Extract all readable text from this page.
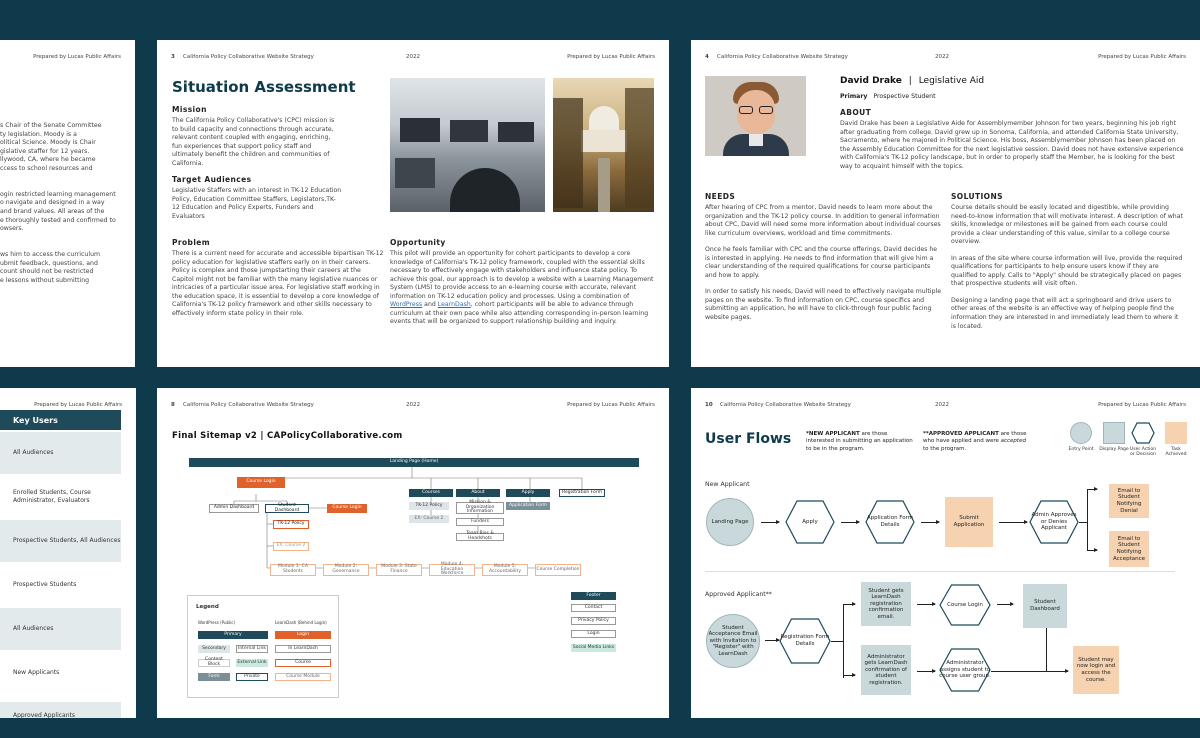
Prepared by Lucas Public Affairs
s Chair of the Senate Committee
ty legislation. Moody is a
olitical Science. Moody is Chair
gislative staffer for 12 years.
llywood, CA, where he became
ccess to school resources and
ogin restricted learning management
o navigate and designed in a way
and brand values. All areas of the
e thoroughly tested and confirmed to
owsers.
ws him to access the curriculum
ubmit feedback, questions, and
count should not be restricted
e lessons without submitting
3 California Policy Collaborative Website Strategy	2022	Prepared by Lucas Public Affairs
Situation Assessment
Mission
The California Policy Collaborative's (CPC) mission is to build capacity and connections through accurate, relevant content coupled with engaging, enriching, fun experiences that support policy staff and ultimately benefit the children and communities of California.
Target Audiences
Legislative Staffers with an interest in TK-12 Education Policy, Education Committee Staffers, Legislators,TK-12 Education and Policy Experts, Funders and Evaluators
Problem
There is a current need for accurate and accessible bipartisan TK-12 policy education for legislative staffers early on in their careers. Policy is complex and those jumpstarting their careers at the Capitol might not be familiar with the many legislative nuances or intricacies of a particular issue area. For legislative staff working in the education space, it is essential to develop a core knowledge of California's TK-12 policy framework and other skills necessary to effectively inform state policy in their role.
Opportunity
This pilot will provide an opportunity for cohort participants to develop a core knowledge of California's TK-12 policy framework, coupled with the essential skills necessary to effectively engage with stakeholders and influence state policy. To achieve this goal, our approach is to develop a website with a Learning Management System (LMS) to provide access to an e-learning course with accurate, relevant information on TK-12 education policy and processes. Using a combination of WordPress and LearnDash, cohort participants will be able to advance through curriculum at their own pace while also attending corresponding in-person learning events that will be organized to support relationship building and inquiry.
4 California Policy Collaborative Website Strategy	2022	Prepared by Lucas Public Affairs
David Drake | Legislative Aid
Primary Prospective Student
ABOUT
David Drake has been a Legislative Aide for Assemblymember Johnson for two years, beginning his job right after graduating from college. David grew up in Sonoma, California, and attended California State University, Sacramento, where he majored in Political Science. His boss, Assemblymember Johnson has been placed on the Assembly Education Committee for the next legislative session. David does not have extensive experience with California's TK-12 policy landscape, but in order to properly staff the Member, he is looking for the best way to acquaint himself with the topics.
NEEDS
After hearing of CPC from a mentor, David needs to learn more about the organization and the TK-12 policy course. In addition to general information about CPC, David will need some more information about individual courses like curriculum overviews, workload and time commitments.
Once he feels familiar with CPC and the course offerings, David decides he is interested in applying. He needs to find information that will give him a clear understanding of the required qualifications for course participants and how to apply.
In order to satisfy his needs, David will need to effectively navigate multiple pages on the website. To find information on CPC, course specifics and submitting an application, he will have to click-through four public facing website pages.
SOLUTIONS
Course details should be easily located and digestible, while providing need-to-know information that will motivate interest. A description of what skills, knowledge or milestones will be gained from each course could provide a clear understanding of this value, similar to a college course overview.
In areas of the site where course information will live, provide the required qualifications for participants to help ensure users know if they are qualified to apply. Calls to "Apply" should be strategically placed on pages that prospective students will visit often.
Designing a landing page that will act a springboard and drive users to other areas of the website is an effective way of helping people find the information they are interested in and immediately lead them to where it is located.
Prepared by Lucas Public Affairs
Key Users
All Audiences
Enrolled Students, Course Administrator, Evaluators
Prospective Students, All Audiences
Prospective Students
All Audiences
New Applicants
Approved Applicants
8 California Policy Collaborative Website Strategy	2022	Prepared by Lucas Public Affairs
Final Sitemap v2 | CAPolicyCollaborative.com
Landing Page (Home)
Course Login
Admin Dashboard	Student Dashboard	Course Login
TK-12 Policy
EX: Course 2
Module 1: CA Students
Module 2: Governance
Module 3: State Finance
Module 4: Education Workforce
Module 5: Accountability	Course Completion
Courses	About	Apply	Registration Form
TK-12 Policy
EX: Course 2
Mission & Organization Information
Funders
Team Bios & Headshots
Application Form
Footer
Contact
Privacy Policy
Login
Social Media Links
Legend
WordPress (Public)	LearnDash (Behind Login)
Primary
Secondary	Internal Link
Content Block	External Link
Form	Private
Login
In LearnDash
Course
Course Module
10 California Policy Collaborative Website Strategy	2022	Prepared by Lucas Public Affairs
User Flows	*NEW APPLICANT are those interested in submitting an application to be in the program.
**APPROVED APPLICANT are those who have applied and were accepted to the program.	Entry Point	Display Page User Action or Decision
Task Achieved
New Applicant
Approved Applicant**
Landing Page	Apply
Application Form Details
Submit Application
Admin Approves or Denies Applicant
Email to Student Notifying Denial
Email to Student Notifying Acceptance
Student Acceptance Email with Invitation to "Register" with LearnDash
Registration Form Details
Student gets LearnDash registration confirmation email.
Administrator gets LearnDash confirmation of student registration.
Course Login	Student Dashboard
Administrator assigns student to course user group.
Student may now login and access the course.
